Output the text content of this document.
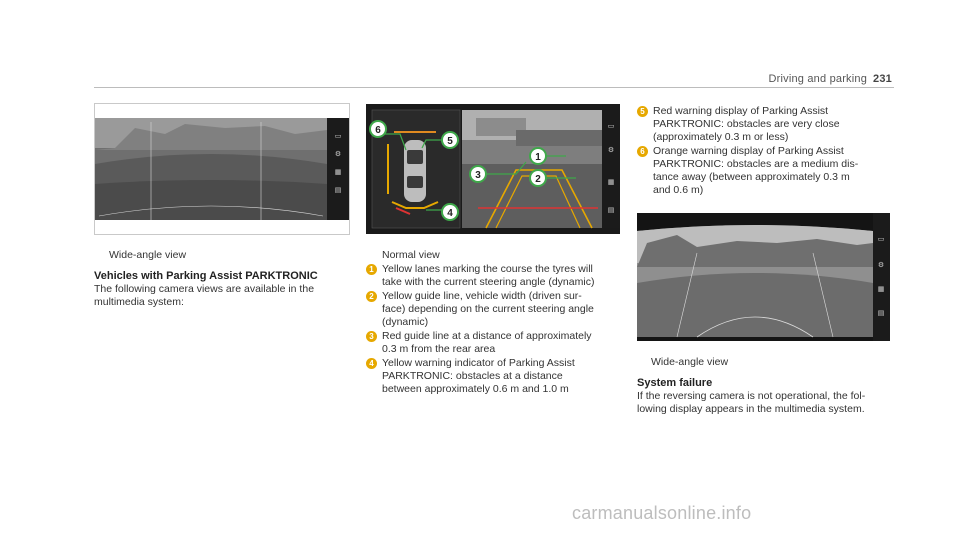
Driving and parking 231
▭
⚙
▦
▤
Wide-angle view
Vehicles with Parking Assist PARKTRONIC
The following camera views are available in the
multimedia system:
▭
⚙
▦
▤
6
5
3
4
1
2
Normal view
1 Yellow lanes marking the course the tyres will
take with the current steering angle (dynamic)
2 Yellow guide line, vehicle width (driven sur-
face) depending on the current steering angle
(dynamic)
3 Red guide line at a distance of approximately
0.3 m from the rear area
4 Yellow warning indicator of Parking Assist
PARKTRONIC: obstacles at a distance
between approximately 0.6 m and 1.0 m
5 Red warning display of Parking Assist
PARKTRONIC: obstacles are very close
(approximately 0.3 m or less)
6 Orange warning display of Parking Assist
PARKTRONIC: obstacles are a medium dis-
tance away (between approximately 0.3 m
and 0.6 m)
▭
⚙
▦
▤
Wide-angle view
System failure
If the reversing camera is not operational, the fol-
lowing display appears in the multimedia system.
carmanualsonline.info
